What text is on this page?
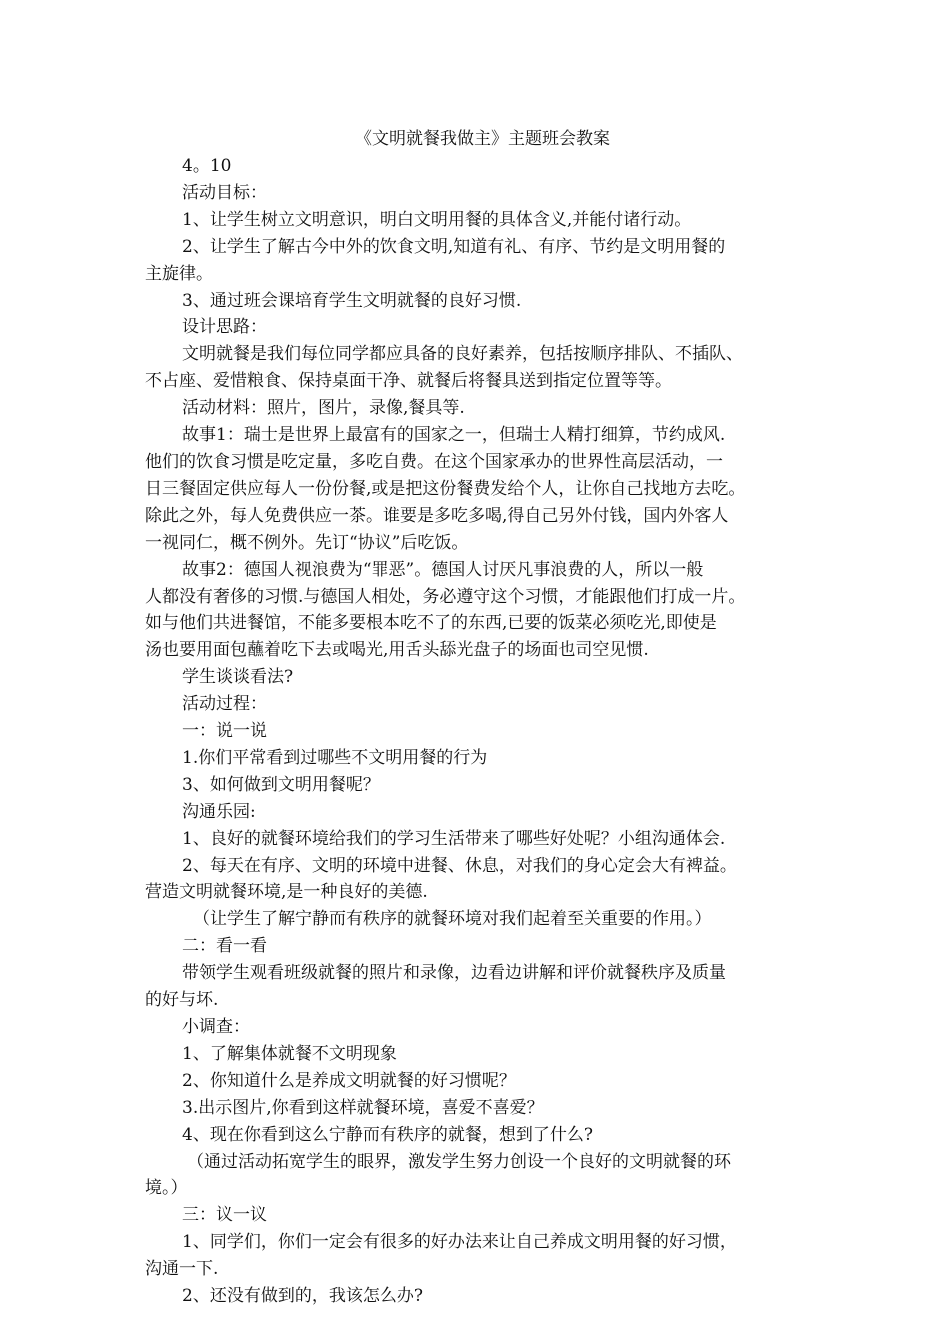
《文明就餐我做主》主题班会教案

4。10

活动目标：

1、让学生树立文明意识，明白文明用餐的具体含义,并能付诸行动。

2、让学生了解古今中外的饮食文明,知道有礼、有序、节约是文明用餐的

主旋律。

3、通过班会课培育学生文明就餐的良好习惯.

设计思路：

文明就餐是我们每位同学都应具备的良好素养，包括按顺序排队、不插队、

不占座、爱惜粮食、保持桌面干净、就餐后将餐具送到指定位置等等。

活动材料：照片，图片，录像,餐具等.

故事1：瑞士是世界上最富有的国家之一，但瑞士人精打细算，节约成风.

他们的饮食习惯是吃定量，多吃自费。在这个国家承办的世界性高层活动，一

日三餐固定供应每人一份份餐,或是把这份餐费发给个人，让你自己找地方去吃。

除此之外，每人免费供应一茶。谁要是多吃多喝,得自己另外付钱，国内外客人

一视同仁，概不例外。先订“协议”后吃饭。

故事2：德国人视浪费为“罪恶”。德国人讨厌凡事浪费的人，所以一般

人都没有奢侈的习惯.与德国人相处，务必遵守这个习惯，才能跟他们打成一片。

如与他们共进餐馆，不能多要根本吃不了的东西,已要的饭菜必须吃光,即使是

汤也要用面包蘸着吃下去或喝光,用舌头舔光盘子的场面也司空见惯.

学生谈谈看法?

活动过程：

一：说一说

1.你们平常看到过哪些不文明用餐的行为

3、如何做到文明用餐呢？

沟通乐园:

1、良好的就餐环境给我们的学习生活带来了哪些好处呢？小组沟通体会.

2、每天在有序、文明的环境中进餐、休息，对我们的身心定会大有裨益。

营造文明就餐环境,是一种良好的美德.

（让学生了解宁静而有秩序的就餐环境对我们起着至关重要的作用。）

二：看一看

带领学生观看班级就餐的照片和录像，边看边讲解和评价就餐秩序及质量

的好与坏.

小调查：

1、了解集体就餐不文明现象

2、你知道什么是养成文明就餐的好习惯呢？

3.出示图片,你看到这样就餐环境，喜爱不喜爱？

4、现在你看到这么宁静而有秩序的就餐，想到了什么?

（通过活动拓宽学生的眼界，激发学生努力创设一个良好的文明就餐的环

境。）

三：议一议

1、同学们，你们一定会有很多的好办法来让自己养成文明用餐的好习惯，

沟通一下.

2、还没有做到的，我该怎么办?
